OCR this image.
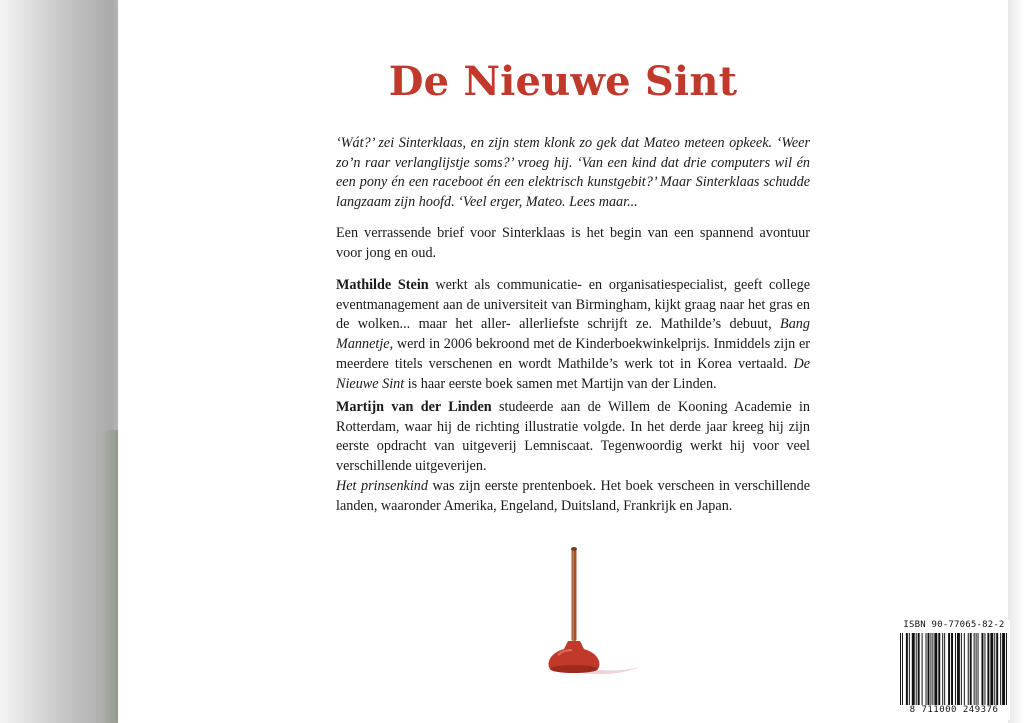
De Nieuwe Sint

‘Wát?’ zei Sinterklaas, en zijn stem klonk zo gek dat Mateo meteen opkeek. ‘Weer zo’n raar verlanglijstje soms?’ vroeg hij. ‘Van een kind dat drie computers wil én een pony én een raceboot én een elektrisch kunstgebit?’ Maar Sinterklaas schudde langzaam zijn hoofd. ‘Veel erger, Mateo. Lees maar...

Een verrassende brief voor Sinterklaas is het begin van een spannend avontuur voor jong en oud.

Mathilde Stein werkt als communicatie- en organisatiespecialist, geeft college eventmanagement aan de universiteit van Birmingham, kijkt graag naar het gras en de wolken... maar het aller- allerliefste schrijft ze. Mathilde’s debuut, Bang Mannetje, werd in 2006 bekroond met de Kinderboekwinkelprijs. Inmiddels zijn er meerdere titels verschenen en wordt Mathilde’s werk tot in Korea vertaald. De Nieuwe Sint is haar eerste boek samen met Martijn van der Linden.

Martijn van der Linden studeerde aan de Willem de Kooning Academie in Rotterdam, waar hij de richting illustratie volgde. In het derde jaar kreeg hij zijn eerste opdracht van uitgeverij Lemniscaat. Tegenwoordig werkt hij voor veel verschillende uitgeverijen.
Het prinsenkind was zijn eerste prentenboek. Het boek verscheen in verschillende landen, waaronder Amerika, Engeland, Duitsland, Frankrijk en Japan.

ISBN 90-77065-82-2
8 711000 249376
